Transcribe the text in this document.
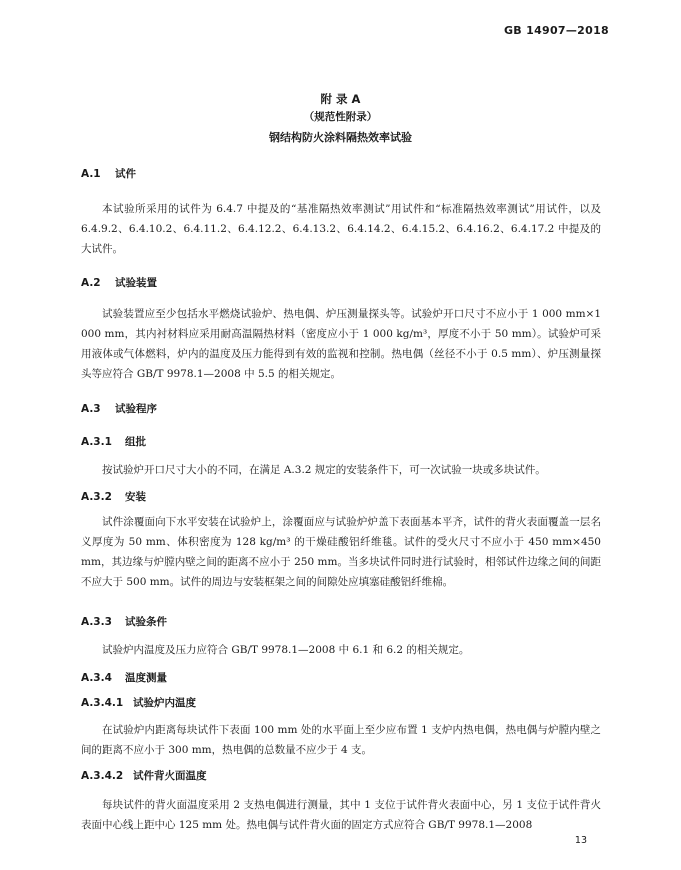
GB 14907—2018
附 录 A
（规范性附录）
钢结构防火涂料隔热效率试验
A.1 试件
本试验所采用的试件为 6.4.7 中提及的“基准隔热效率测试”用试件和“标准隔热效率测试”用试件，以及 6.4.9.2、6.4.10.2、6.4.11.2、6.4.12.2、6.4.13.2、6.4.14.2、6.4.15.2、6.4.16.2、6.4.17.2 中提及的大试件。
A.2 试验装置
试验装置应至少包括水平燃烧试验炉、热电偶、炉压测量探头等。试验炉开口尺寸不应小于 1 000 mm×1 000 mm，其内衬材料应采用耐高温隔热材料（密度应小于 1 000 kg/m³，厚度不小于 50 mm）。试验炉可采用液体或气体燃料，炉内的温度及压力能得到有效的监视和控制。热电偶（丝径不小于 0.5 mm）、炉压测量探头等应符合 GB/T 9978.1—2008 中 5.5 的相关规定。
A.3 试验程序
A.3.1 组批
按试验炉开口尺寸大小的不同，在满足 A.3.2 规定的安装条件下，可一次试验一块或多块试件。
A.3.2 安装
试件涂覆面向下水平安装在试验炉上，涂覆面应与试验炉炉盖下表面基本平齐，试件的背火表面覆盖一层名义厚度为 50 mm、体积密度为 128 kg/m³ 的干燥硅酸铝纤维毯。试件的受火尺寸不应小于 450 mm×450 mm，其边缘与炉膛内壁之间的距离不应小于 250 mm。当多块试件同时进行试验时，相邻试件边缘之间的间距不应大于 500 mm。试件的周边与安装框架之间的间隙处应填塞硅酸铝纤维棉。
A.3.3 试验条件
试验炉内温度及压力应符合 GB/T 9978.1—2008 中 6.1 和 6.2 的相关规定。
A.3.4 温度测量
A.3.4.1 试验炉内温度
在试验炉内距离每块试件下表面 100 mm 处的水平面上至少应布置 1 支炉内热电偶，热电偶与炉膛内壁之间的距离不应小于 300 mm，热电偶的总数量不应少于 4 支。
A.3.4.2 试件背火面温度
每块试件的背火面温度采用 2 支热电偶进行测量，其中 1 支位于试件背火表面中心，另 1 支位于试件背火表面中心线上距中心 125 mm 处。热电偶与试件背火面的固定方式应符合 GB/T 9978.1—2008
13
